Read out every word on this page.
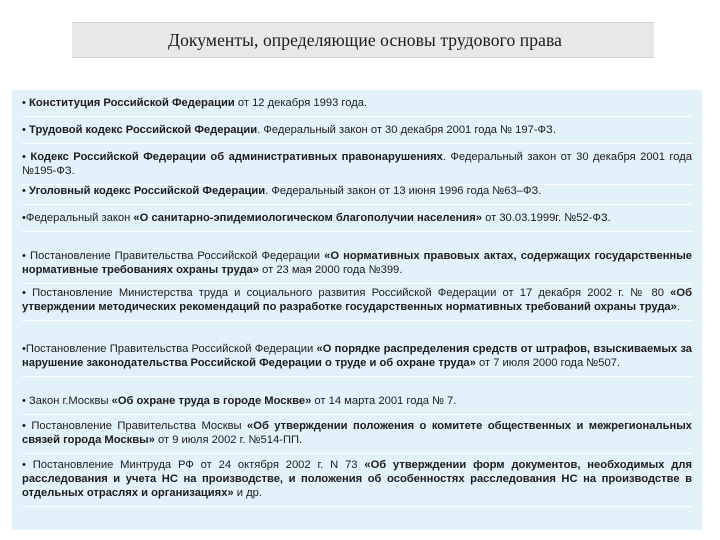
Документы, определяющие основы трудового права
• Конституция Российской Федерации от 12 декабря 1993 года.
• Трудовой кодекс Российской Федерации. Федеральный закон от 30 декабря 2001 года № 197-ФЗ.
• Кодекс Российской Федерации об административных правонарушениях. Федеральный закон от 30 декабря 2001 года №195-ФЗ.
• Уголовный кодекс Российской Федерации. Федеральный закон от 13 июня 1996 года №63–ФЗ.
•Федеральный закон «О санитарно-эпидемиологическом благополучии населения» от 30.03.1999г. №52-ФЗ.
• Постановление Правительства Российской Федерации «О нормативных правовых актах, содержащих государственные нормативные требованиях охраны труда» от 23 мая 2000 года №399.
• Постановление Министерства труда и социального развития Российской Федерации от 17 декабря 2002 г. № 80 «Об утверждении методических рекомендаций по разработке государственных нормативных требований охраны труда».
•Постановление Правительства Российской Федерации «О порядке распределения средств от штрафов, взыскиваемых за нарушение законодательства Российской Федерации о труде и об охране труда» от 7 июля 2000 года №507.
• Закон г.Москвы «Об охране труда в городе Москве» от 14 марта 2001 года № 7.
• Постановление Правительства Москвы «Об утверждении положения о комитете общественных и межрегиональных связей города Москвы» от 9 июля 2002 г. №514-ПП.
• Постановление Минтруда РФ от 24 октября 2002 г. N 73 «Об утверждении форм документов, необходимых для расследования и учета НС на производстве, и положения об особенностях расследования НС на производстве в отдельных отраслях и организациях» и др.
